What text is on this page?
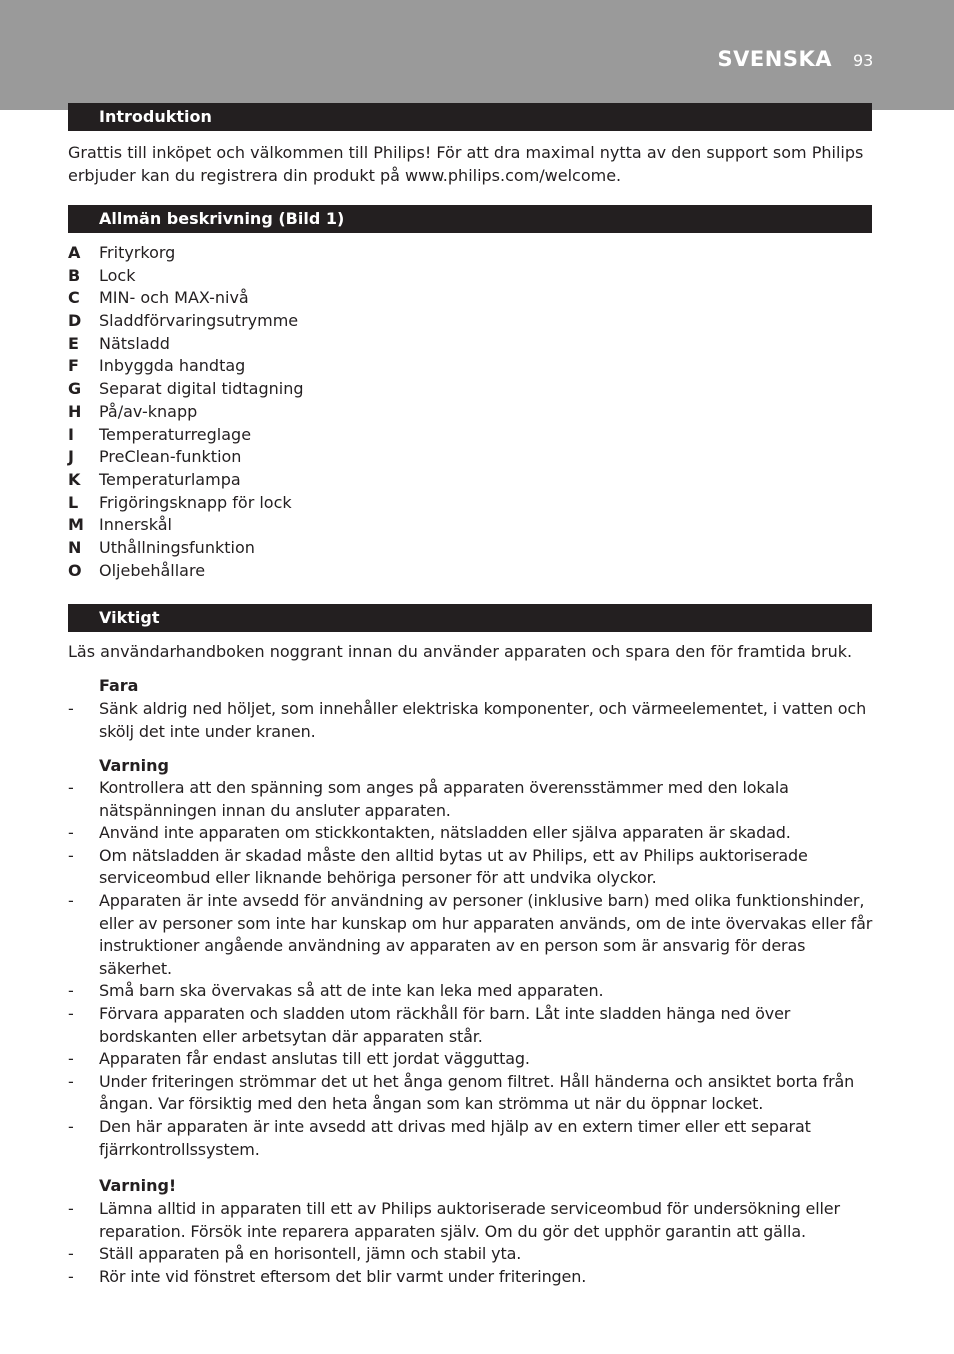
SVENSKA 93
Introduktion

Grattis till inköpet och välkommen till Philips! För att dra maximal nytta av den support som Philips erbjuder kan du registrera din produkt på www.philips.com/welcome.

Allmän beskrivning (Bild 1)
A	Frityrkorg
B	Lock
C	MIN- och MAX-nivå
D	Sladdförvaringsutrymme
E	Nätsladd
F	Inbyggda handtag
G	Separat digital tidtagning
H	På/av-knapp
I	Temperaturreglage
J	PreClean-funktion
K	Temperaturlampa
L	Frigöringsknapp för lock
M Innerskål
N	Uthållningsfunktion
O	Oljebehållare
Viktigt

Läs användarhandboken noggrant innan du använder apparaten och spara den för framtida bruk.

Fara
-	Sänk aldrig ned höljet, som innehåller elektriska komponenter, och värmeelementet, i vatten och skölj det inte under kranen.
Varning
-	Kontrollera att den spänning som anges på apparaten överensstämmer med den lokala nätspänningen innan du ansluter apparaten.
-	Använd inte apparaten om stickkontakten, nätsladden eller själva apparaten är skadad.
-	Om nätsladden är skadad måste den alltid bytas ut av Philips, ett av Philips auktoriserade serviceombud eller liknande behöriga personer för att undvika olyckor.
-	Apparaten är inte avsedd för användning av personer (inklusive barn) med olika funktionshinder, eller av personer som inte har kunskap om hur apparaten används, om de inte övervakas eller får instruktioner angående användning av apparaten av en person som är ansvarig för deras säkerhet.
-	Små barn ska övervakas så att de inte kan leka med apparaten.
-	Förvara apparaten och sladden utom räckhåll för barn. Låt inte sladden hänga ned över bordskanten eller arbetsytan där apparaten står.
-	Apparaten får endast anslutas till ett jordat vägguttag.
-	Under friteringen strömmar det ut het ånga genom filtret. Håll händerna och ansiktet borta från ångan. Var försiktig med den heta ångan som kan strömma ut när du öppnar locket.
-	Den här apparaten är inte avsedd att drivas med hjälp av en extern timer eller ett separat fjärrkontrollssystem.
Varning!
-	Lämna alltid in apparaten till ett av Philips auktoriserade serviceombud för undersökning eller reparation. Försök inte reparera apparaten själv. Om du gör det upphör garantin att gälla.
-	Ställ apparaten på en horisontell, jämn och stabil yta.
-	Rör inte vid fönstret eftersom det blir varmt under friteringen.
